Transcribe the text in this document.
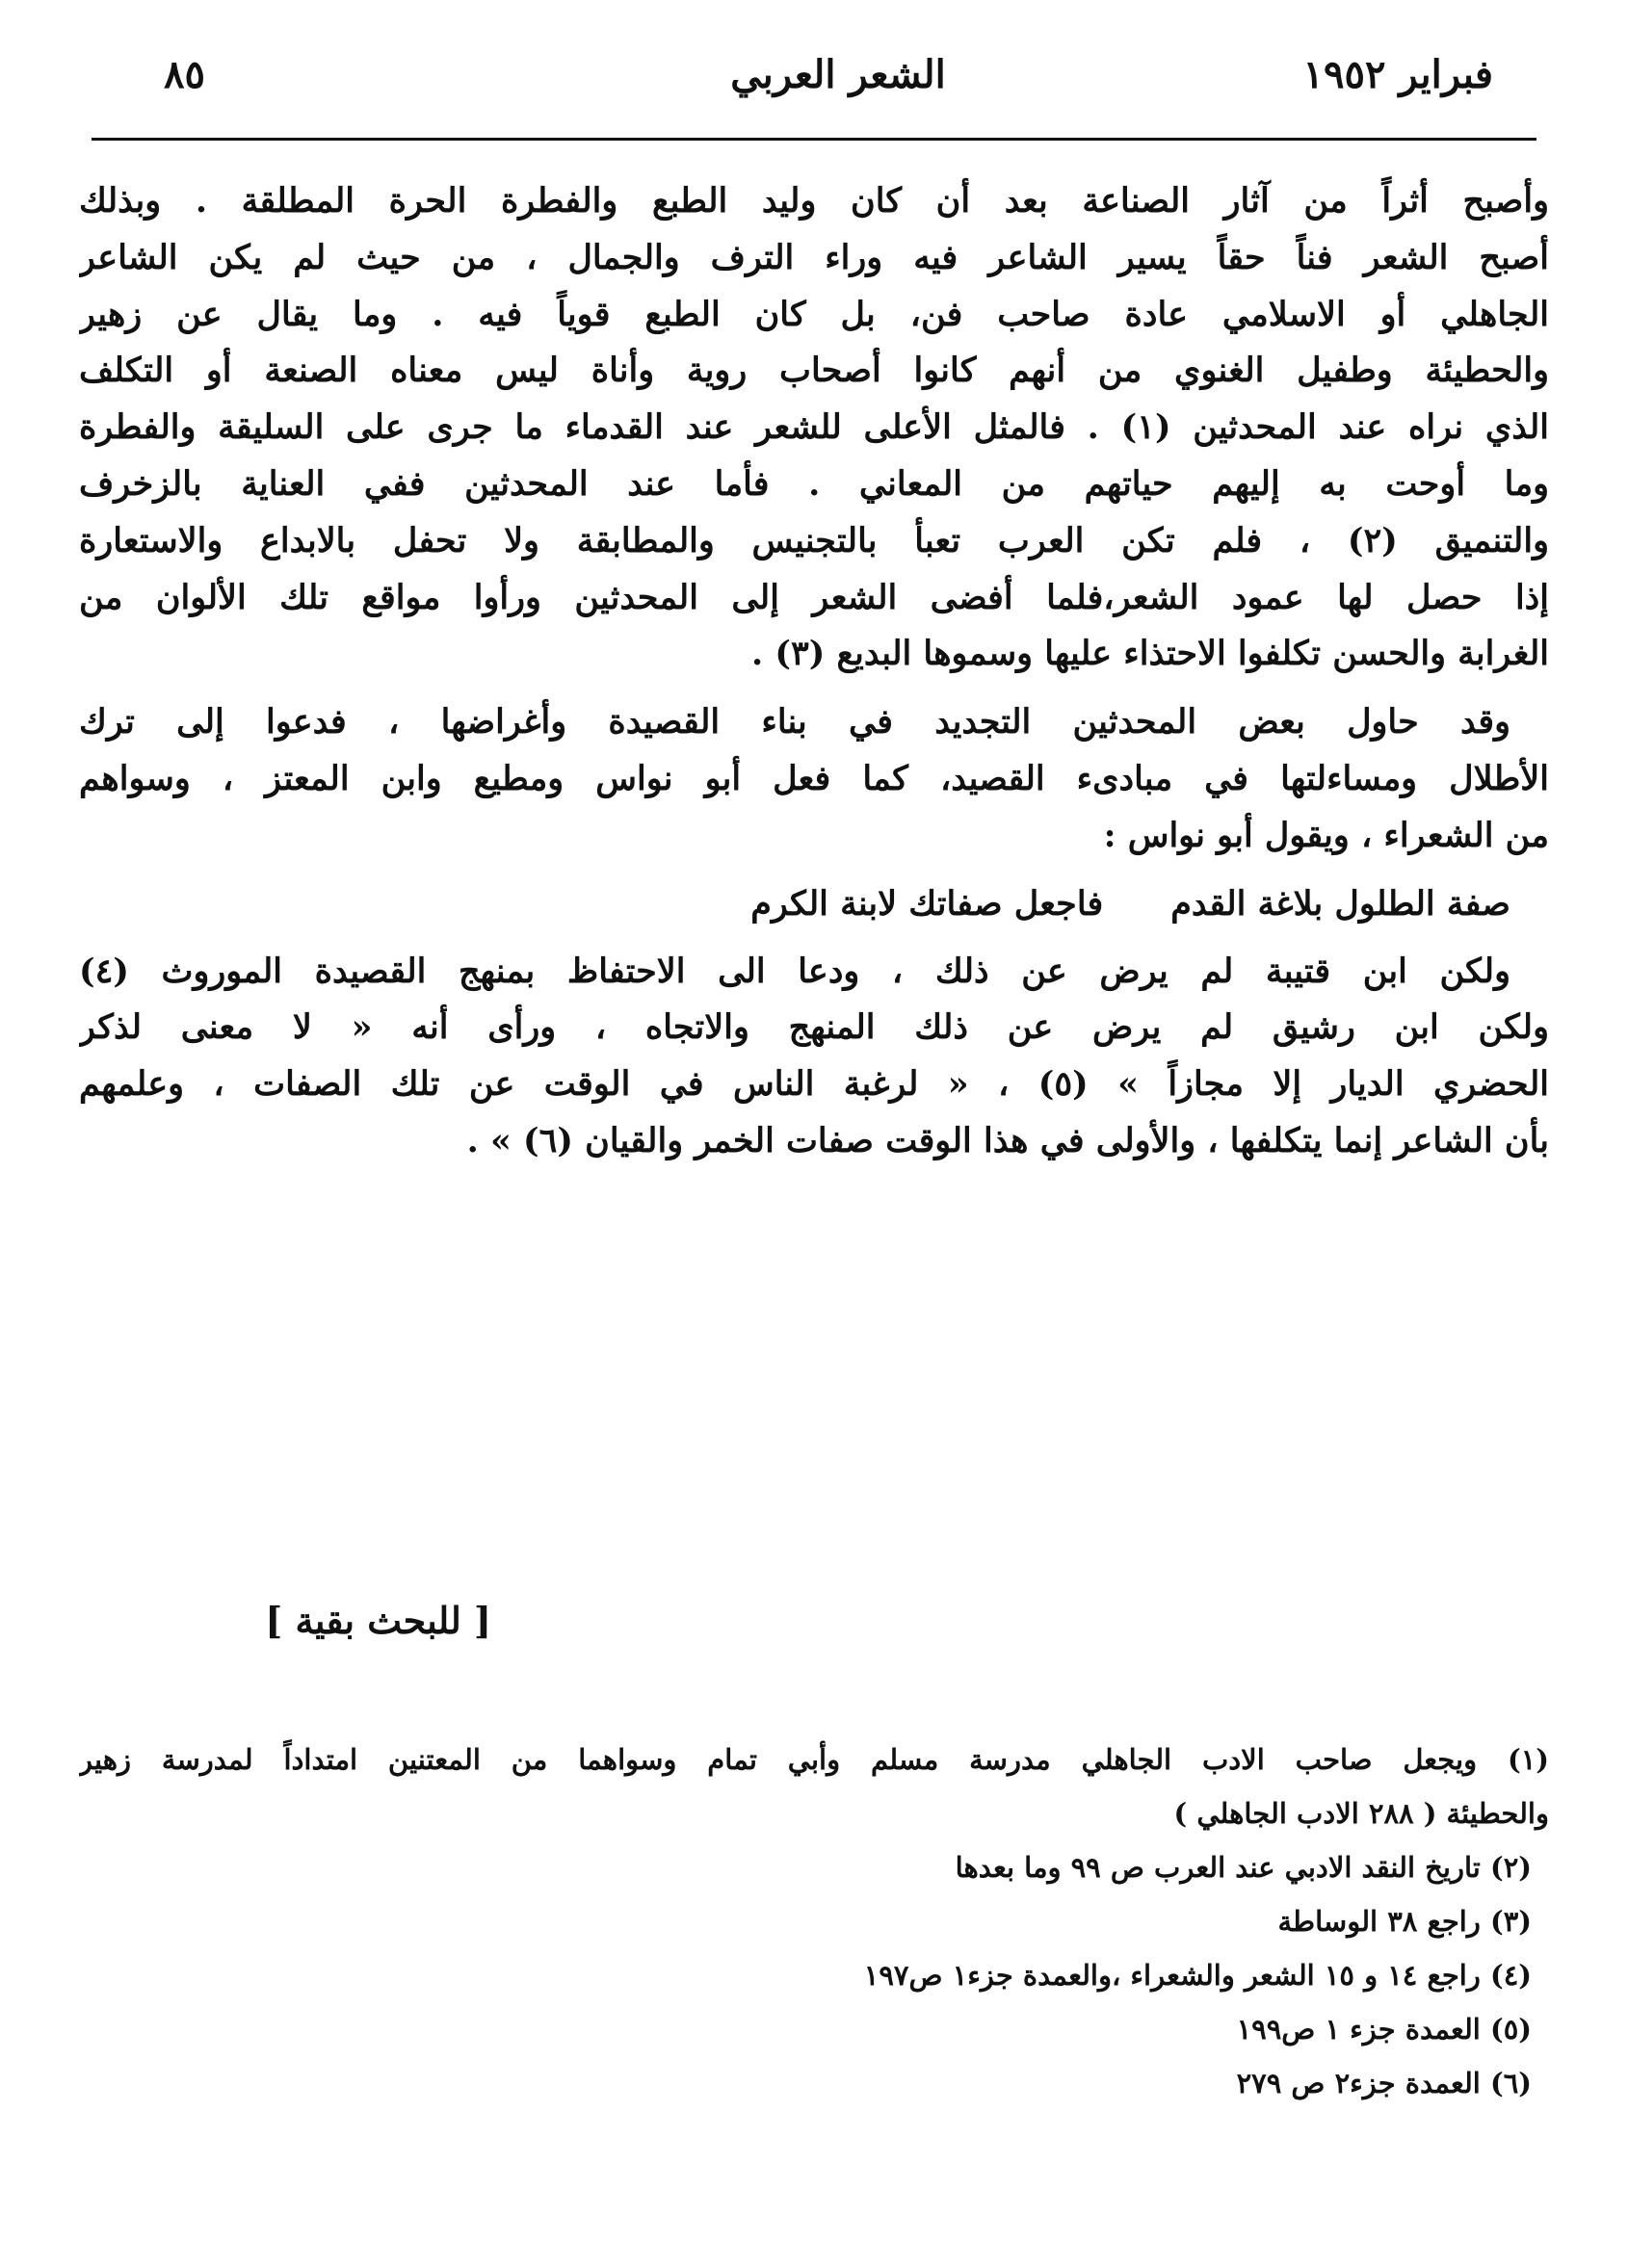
٨٥	الشعر العربي	فبراير ١٩٥٢
وأصبح أثراً من آثار الصناعة بعد أن كان وليد الطبع والفطرة الحرة المطلقة . وبذلك
أصبح الشعر فناً حقاً يسير الشاعر فيه وراء الترف والجمال ، من حيث لم يكن الشاعر
الجاهلي أو الاسلامي عادة صاحب فن، بل كان الطبع قوياً فيه . وما يقال عن زهير
والحطيئة وطفيل الغنوي من أنهم كانوا أصحاب روية وأناة ليس معناه الصنعة أو التكلف
الذي نراه عند المحدثين (١) . فالمثل الأعلى للشعر عند القدماء ما جرى على السليقة والفطرة
وما أوحت به إليهم حياتهم من المعاني . فأما عند المحدثين ففي العناية بالزخرف
والتنميق (٢) ، فلم تكن العرب تعبأ بالتجنيس والمطابقة ولا تحفل بالابداع والاستعارة
إذا حصل لها عمود الشعر،فلما أفضى الشعر إلى المحدثين ورأوا مواقع تلك الألوان من
الغرابة والحسن تكلفوا الاحتذاء عليها وسموها البديع (٣) .
وقد حاول بعض المحدثين التجديد في بناء القصيدة وأغراضها ، فدعوا إلى ترك
الأطلال ومساءلتها في مبادىء القصيد، كما فعل أبو نواس ومطيع وابن المعتز ، وسواهم
من الشعراء ، ويقول أبو نواس :
صفة الطلول بلاغة القدمفاجعل صفاتك لابنة الكرم
ولكن ابن قتيبة لم يرض عن ذلك ، ودعا الى الاحتفاظ بمنهج القصيدة الموروث (٤)
ولكن ابن رشيق لم يرض عن ذلك المنهج والاتجاه ، ورأى أنه « لا معنى لذكر
الحضري الديار إلا مجازاً » (٥) ، « لرغبة الناس في الوقت عن تلك الصفات ، وعلمهم
بأن الشاعر إنما يتكلفها ، والأولى في هذا الوقت صفات الخمر والقيان (٦) » .
[ للبحث بقية ]
(١) ويجعل صاحب الادب الجاهلي مدرسة مسلم وأبي تمام وسواهما من المعتنين امتداداً لمدرسة زهير
والحطيئة ( ٢٨٨ الادب الجاهلي )
(٢) تاريخ النقد الادبي عند العرب ص ٩٩ وما بعدها
(٣) راجع ٣٨ الوساطة
(٤) راجع ١٤ و ١٥ الشعر والشعراء ،والعمدة جزء١ ص١٩٧
(٥) العمدة جزء ١ ص١٩٩
(٦) العمدة جزء٢ ص ٢٧٩
